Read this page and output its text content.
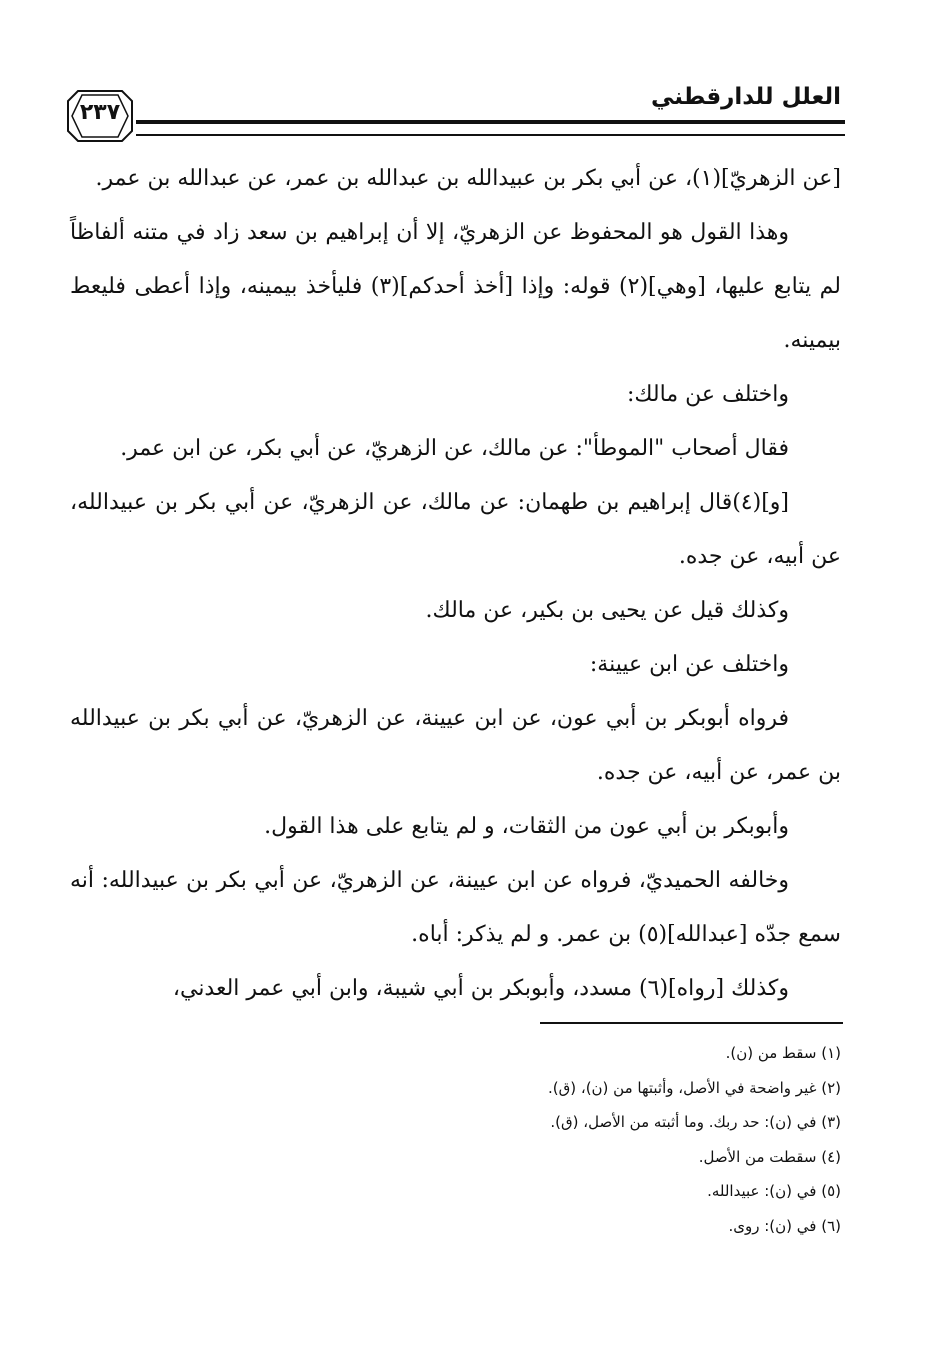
العلل للدارقطني
٢٣٧

[عن الزهريّ](١)، عن أبي بكر بن عبيدالله بن عبدالله بن عمر، عن عبدالله بن عمر.

وهذا القول هو المحفوظ عن الزهريّ، إلا أن إبراهيم بن سعد زاد في متنه ألفاظاً لم يتابع عليها، [وهي](٢) قوله: وإذا [أخذ أحدكم](٣) فليأخذ بيمينه، وإذا أعطى فليعط بيمينه.

واختلف عن مالك:

فقال أصحاب "الموطأ": عن مالك، عن الزهريّ، عن أبي بكر، عن ابن عمر.

[و](٤)قال إبراهيم بن طهمان: عن مالك، عن الزهريّ، عن أبي بكر بن عبيدالله، عن أبيه، عن جده.

وكذلك قيل عن يحيى بن بكير، عن مالك.

واختلف عن ابن عيينة:

فرواه أبوبكر بن أبي عون، عن ابن عيينة، عن الزهريّ، عن أبي بكر بن عبيدالله بن عمر، عن أبيه، عن جده.

وأبوبكر بن أبي عون من الثقات، و لم يتابع على هذا القول.

وخالفه الحميديّ، فرواه عن ابن عيينة، عن الزهريّ، عن أبي بكر بن عبيدالله: أنه سمع جدّه [عبدالله](٥) بن عمر. و لم يذكر: أباه.

وكذلك [رواه](٦) مسدد، وأبوبكر بن أبي شيبة، وابن أبي عمر العدني،

(١) سقط من (ن).

(٢) غير واضحة في الأصل، وأثبتها من (ن)، (ق).

(٣) في (ن): حد ربك. وما أثبته من الأصل، (ق).

(٤) سقطت من الأصل.

(٥) في (ن): عبيدالله.

(٦) في (ن): روى.
